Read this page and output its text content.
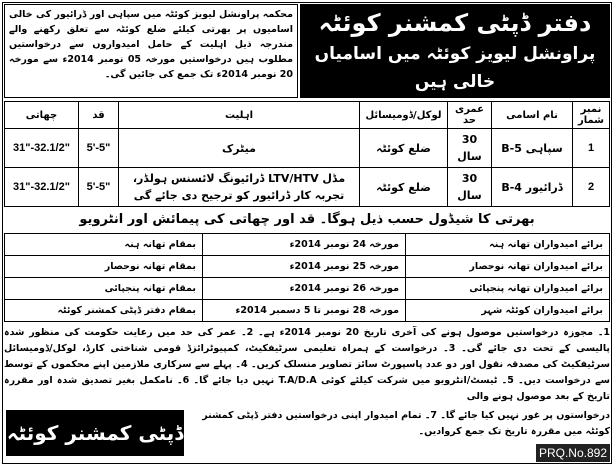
دفتر ڈپٹی کمشنر کوئٹہ
پراونشل لیویز کوئٹہ میں اسامیاں خالی ہیں
محکمہ پراونشل لیویز کوئٹہ میں سپاہی اور ڈرائیور کی خالی اسامیوں پر بھرتی کیلئے ضلع کوئٹہ سے تعلق رکھنے والے مندرجہ ذیل اہلیت کے حامل امیدواروں سے درخواستیں مطلوب ہیں درخواستیں مورخہ 05 نومبر 2014ء سے مورخہ 20 نومبر 2014ء تک جمع کی جائیں گی۔
نمبرشمار	نام اسامی	عمری حد	لوکل/ڈومیسائل	اہلیت	قد	چھاتی
1	سپاہی B-5	30 سال	ضلع کوئٹہ	میٹرک	5'-5"	31"-32.1/2"
2	ڈرائیور B-4	30 سال	ضلع کوئٹہ	مڈل LTV/HTV ڈرائیونگ لائسنس ہولڈر، تجربہ کار ڈرائیور کو ترجیح دی جائے گی	5'-5"	31"-32.1/2"
بھرتی کا شیڈول حسب ذیل ہوگا۔ قد اور چھاتی کی پیمائش اور انٹرویو
برائے امیدواران تھانہ ہنہ	مورخہ 24 نومبر 2014ء	بمقام تھانہ ہنہ
برائے امیدواران تھانہ نوحصار	مورخہ 25 نومبر 2014ء	بمقام تھانہ نوحصار
برائے امیدواران تھانہ پنجپائی	مورخہ 26 نومبر 2014ء	بمقام تھانہ پنجپائی
برائے امیدواران کوئٹہ شہر	مورخہ 28 نومبر تا 5 دسمبر 2014ء	بمقام دفتر ڈپٹی کمشنر کوئٹہ
1۔ مجوزہ درخواستیں موصول ہونے کی آخری تاریخ 20 نومبر 2014ء ہے۔ 2۔ عمر کی حد میں رعایت حکومت کی منظور شدہ پالیسی کے تحت دی جائے گی۔ 3۔ درخواست کے ہمراہ تعلیمی سرٹیفکیٹ، کمپیوٹرائزڈ قومی شناختی کارڈ، لوکل/ڈومیسائل سرٹیفکیٹ کی مصدقہ نقول اور دو عدد پاسپورٹ سائز تصاویر منسلک کریں۔ 4۔ پہلے سے سرکاری ملازمین اپنے محکموں کے توسط سے درخواست دیں۔ 5۔ ٹیسٹ/انٹرویو میں شرکت کیلئے کوئی T.A/D.A نہیں دیا جائے گا۔ 6۔ نامکمل بغیر تصدیق شدہ اور مقررہ تاریخ کے بعد موصول ہونے والی
ڈپٹی کمشنر کوئٹہ
درخواستوں پر غور نہیں کیا جائے گا۔ 7۔ تمام امیدوار اپنی درخواستیں دفتر ڈپٹی کمشنر کوئٹہ میں مقررہ تاریخ تک جمع کروادیں۔
PRQ.No.892
